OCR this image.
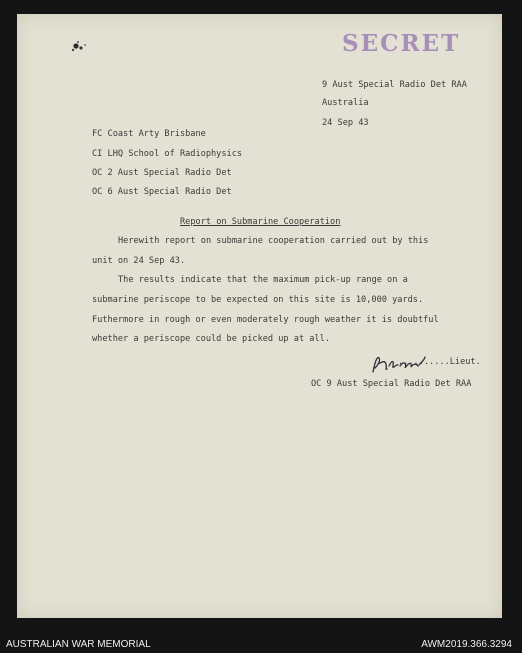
SECRET
9 Aust Special Radio Det RAA
Australia
24 Sep 43
FC Coast Arty Brisbane
CI LHQ School of Radiophysics
OC 2 Aust Special Radio Det
OC 6 Aust Special Radio Det
Report on Submarine Cooperation
Herewith report on submarine cooperation carried out by this
unit on 24 Sep 43.
The results indicate that the maximum pick-up range on a
submarine periscope to be expected on this site is 10,000 yards.
Futhermore in rough or even moderately rough weather it is doubtful
whether a periscope could be picked up at all.
..........Lieut.
OC 9 Aust Special Radio Det RAA
AUSTRALIAN WAR MEMORIAL	AWM2019.366.3294
